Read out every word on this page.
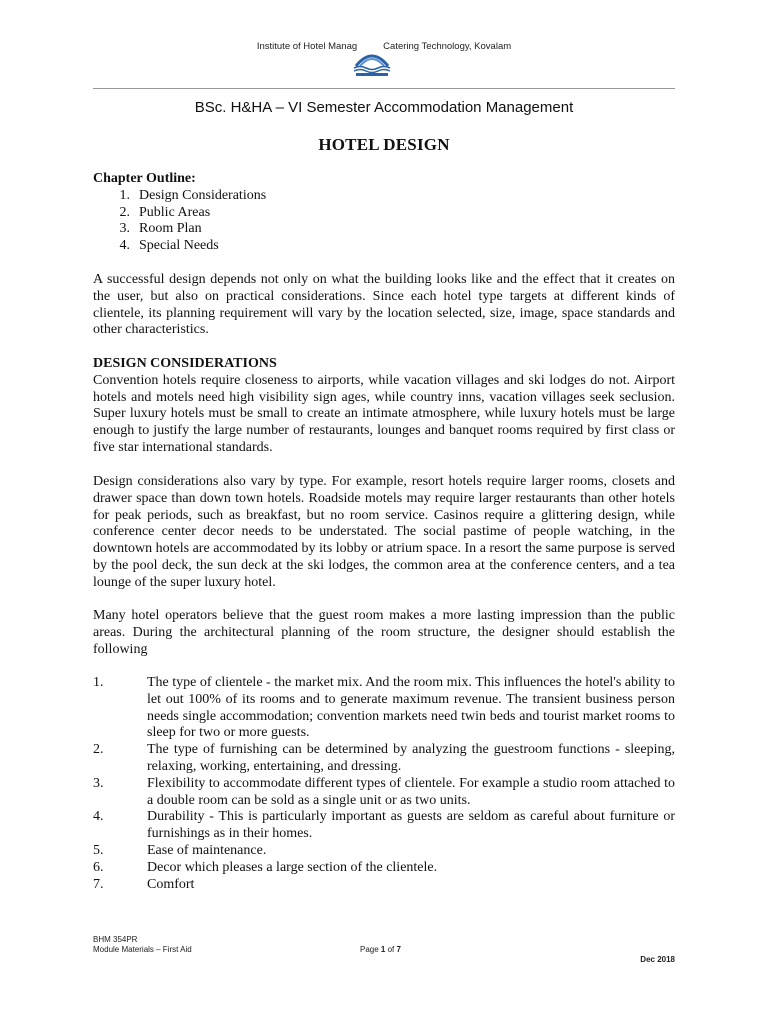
Institute of Hotel Manag	Catering Technology, Kovalam
BSc. H&HA – VI Semester Accommodation Management
HOTEL DESIGN
Chapter Outline:
1. Design Considerations
2. Public Areas
3. Room Plan
4. Special Needs
A successful design depends not only on what the building looks like and the effect that it creates on the user, but also on practical considerations. Since each hotel type targets at different kinds of clientele, its planning requirement will vary by the location selected, size, image, space standards and other characteristics.
DESIGN CONSIDERATIONS
Convention hotels require closeness to airports, while vacation villages and ski lodges do not. Airport hotels and motels need high visibility sign ages, while country inns, vacation villages seek seclusion. Super luxury hotels must be small to create an intimate atmosphere, while luxury hotels must be large enough to justify the large number of restaurants, lounges and banquet rooms required by first class or five star international standards.
Design considerations also vary by type. For example, resort hotels require larger rooms, closets and drawer space than down town hotels. Roadside motels may require larger restaurants than other hotels for peak periods, such as breakfast, but no room service. Casinos require a glittering design, while conference center decor needs to be understated. The social pastime of people watching, in the downtown hotels are accommodated by its lobby or atrium space. In a resort the same purpose is served by the pool deck, the sun deck at the ski lodges, the common area at the conference centers, and a tea lounge of the super luxury hotel.
Many hotel operators believe that the guest room makes a more lasting impression than the public areas. During the architectural planning of the room structure, the designer should establish the following
1.	The type of clientele - the market mix. And the room mix. This influences the hotel's ability to let out 100% of its rooms and to generate maximum revenue. The transient business person needs single accommodation; convention markets need twin beds and tourist market rooms to sleep for two or more guests.
2.	The type of furnishing can be determined by analyzing the guestroom functions - sleeping, relaxing, working, entertaining, and dressing.
3.	Flexibility to accommodate different types of clientele. For example a studio room attached to a double room can be sold as a single unit or as two units.
4.	Durability - This is particularly important as guests are seldom as careful about furniture or furnishings as in their homes.
5.	Ease of maintenance.
6.	Decor which pleases a large section of the clientele.
7.	Comfort
BHM 354PR
Module Materials – First Aid	Page 1 of 7
Dec 2018
